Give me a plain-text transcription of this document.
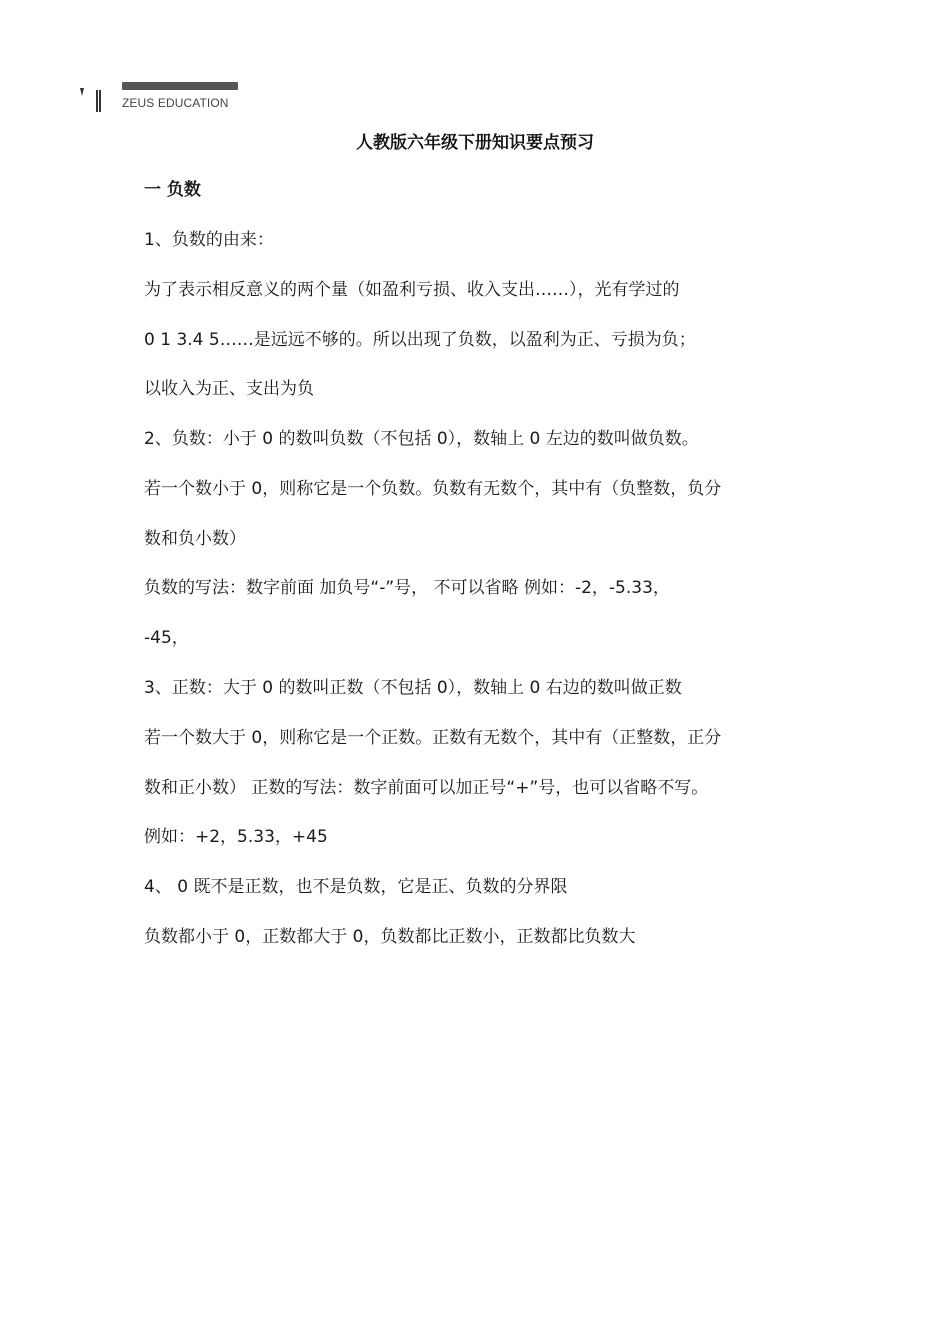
ZEUS EDUCATION
人教版六年级下册知识要点预习
一 负数
1、负数的由来：
为了表示相反意义的两个量（如盈利亏损、收入支出……），光有学过的
0 1 3.4 5……是远远不够的。所以出现了负数，以盈利为正、亏损为负；
以收入为正、支出为负
2、负数：小于 0 的数叫负数（不包括 0），数轴上 0 左边的数叫做负数。
若一个数小于 0，则称它是一个负数。负数有无数个，其中有（负整数，负分
数和负小数）
负数的写法：数字前面 加负号“-”号， 不可以省略 例如：-2，-5.33，
-45，
3、正数：大于 0 的数叫正数（不包括 0），数轴上 0 右边的数叫做正数
若一个数大于 0，则称它是一个正数。正数有无数个，其中有（正整数，正分
数和正小数） 正数的写法：数字前面可以加正号“+”号，也可以省略不写。
例如：+2，5.33，+45
4、 0 既不是正数，也不是负数，它是正、负数的分界限
负数都小于 0，正数都大于 0，负数都比正数小，正数都比负数大
